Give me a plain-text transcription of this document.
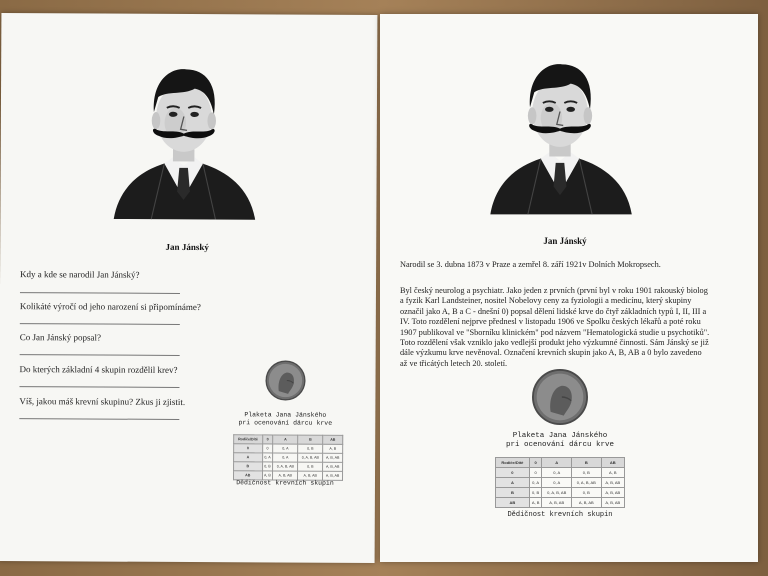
Jan Jánský
Kdy a kde se narodil Jan Jánský?
Kolikáté výročí od jeho narození si připomínáme?
Co Jan Jánský popsal?
Do kterých základní 4 skupin rozdělil krev?
Víš, jakou máš krevní skupinu? Zkus ji zjistit.
Plaketa Jana Jánského
pri ocenování dárcu krve
Rodiče/Dítě	0	A	B	AB
0	0	0, A	0, B	A, B
A	0, A	0, A	0, A, B, AB	A, B, AB
B	0, B	0, A, B, AB	0, B	A, B, AB
AB	A, B	A, B, AB	A, B, AB	A, B, AB
Dědičnost krevních skupin
Jan Jánský
Narodil se 3. dubna 1873 v Praze a zemřel 8. září 1921v Dolních Mokropsech.
Byl český neurolog a psychiatr. Jako jeden z prvních (první byl v roku 1901 rakouský biolog
a fyzik Karl Landsteiner, nositel Nobelovy ceny za fyziologii a medicínu, který skupiny
označil jako A, B a C - dnešní 0) popsal dělení lidské krve do čtyř základních typů I, II, III a
IV. Toto rozdělení nejprve přednesl v listopadu 1906 ve Spolku českých lékařů a poté roku
1907 publikoval ve "Sborníku klinickém" pod názvem "Hematologická studie u psychotiků".
Toto rozdělení však vzniklo jako vedlejší produkt jeho výzkumné činnosti. Sám Jánský se již
dále výzkumu krve nevěnoval. Označení krevních skupin jako A, B, AB a 0 bylo zavedeno
až ve třicátých letech 20. století.
Plaketa Jana Jánského
pri ocenování dárcu krve
Rodiče/Dítě	0	A	B	AB
0	0	0, A	0, B	A, B
A	0, A	0, A	0, A, B, AB	A, B, AB
B	0, B	0, A, B, AB	0, B	A, B, AB
AB	A, B	A, B, AB	A, B, AB	A, B, AB
Dědičnost krevních skupin
